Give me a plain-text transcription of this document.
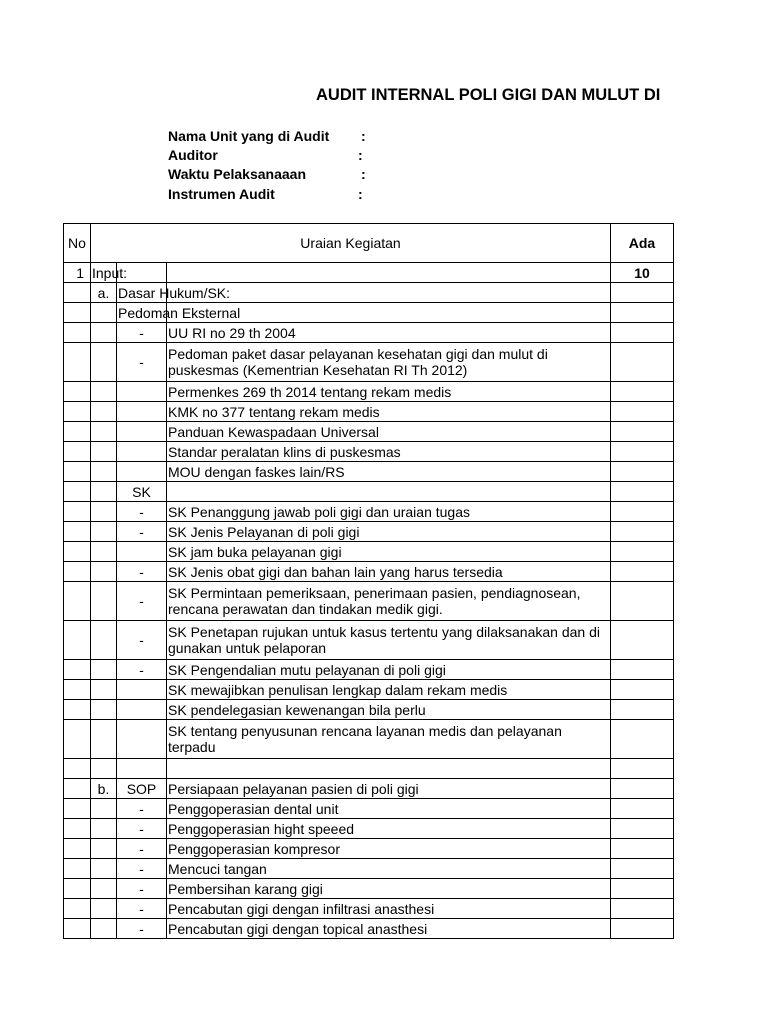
AUDIT INTERNAL POLI GIGI DAN MULUT DI
Nama Unit yang di Audit :
Auditor	:
Waktu Pelaksanaaan	:
Instrumen Audit	:
No	Uraian Kegiatan			Ada
1	Input:			10
	a.	Dasar Hukum/SK:		
		Pedoman Eksternal		
		-	UU RI no 29 th 2004	
		-	Pedoman paket dasar pelayanan kesehatan gigi dan mulut di puskesmas (Kementrian Kesehatan RI Th 2012)	
			Permenkes 269 th 2014 tentang rekam medis	
			KMK no 377 tentang rekam medis	
			Panduan Kewaspadaan Universal	
			Standar peralatan klins di puskesmas	
			MOU dengan faskes lain/RS	
		SK		
		-	SK Penanggung jawab poli gigi dan uraian tugas	
		-	SK Jenis Pelayanan di poli gigi	
			SK jam buka pelayanan gigi	
		-	SK Jenis obat gigi dan bahan lain yang harus tersedia	
		-	SK Permintaan pemeriksaan, penerimaan pasien, pendiagnosean, rencana perawatan dan tindakan medik gigi.	
		-	SK Penetapan rujukan untuk kasus tertentu yang dilaksanakan dan di gunakan untuk pelaporan	
		-	SK Pengendalian mutu pelayanan di poli gigi	
			SK mewajibkan penulisan lengkap dalam rekam medis	
			SK pendelegasian kewenangan bila perlu	
			SK tentang penyusunan rencana layanan medis dan pelayanan terpadu	

	b.	SOP	Persiapaan pelayanan pasien di poli gigi	
		-	Penggoperasian dental unit	
		-	Penggoperasian hight speeed	
		-	Penggoperasian kompresor	
		-	Mencuci tangan	
		-	Pembersihan karang gigi	
		-	Pencabutan gigi dengan infiltrasi anasthesi	
		-	Pencabutan gigi dengan topical anasthesi	
